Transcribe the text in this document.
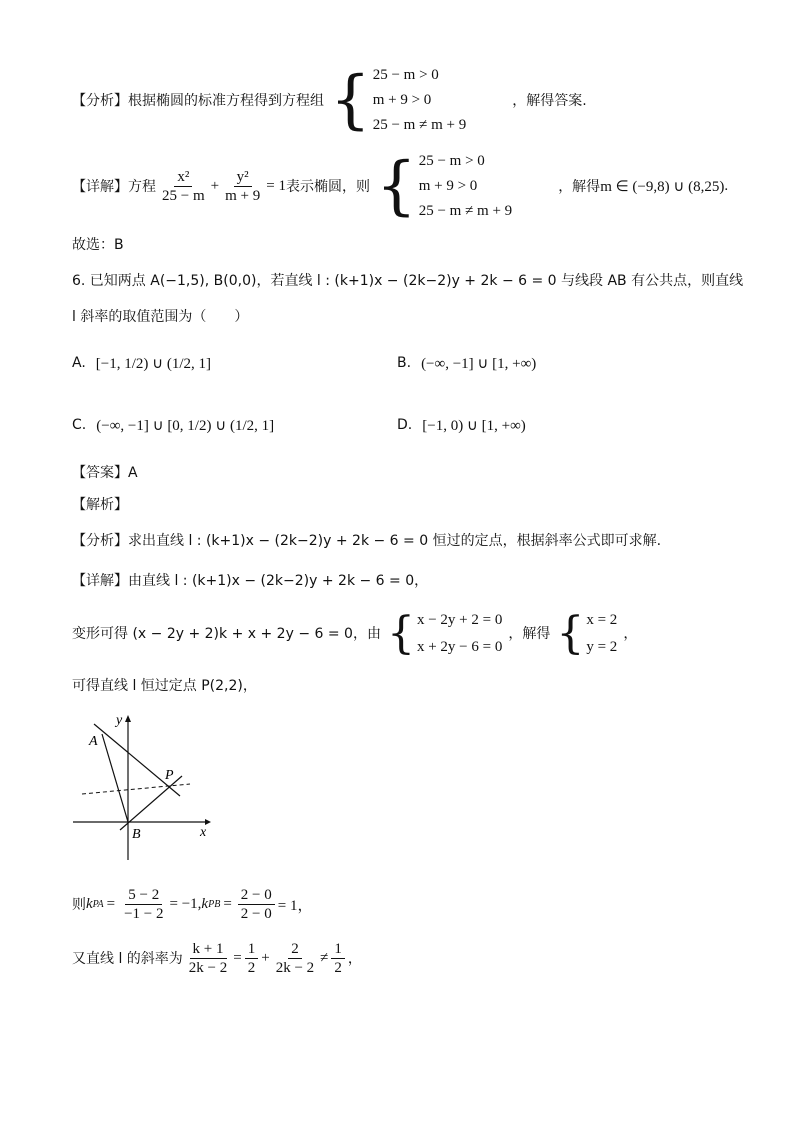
【分析】 根据椭圆的标准方程得到方程组 { 25 − m > 0
m + 9 > 0
25 − m ≠ m + 9
，解得答案.
【详解】 方程 $\frac{\text{x²}}{25 - m} + \frac{\text{y²}}{m + 9} = 1$ 表示椭圆，则 { 25 − m > 0
m + 9 > 0
25 − m ≠ m + 9
，解得 m ∈ (−9,8) ∪ (8,25) .
故选：B
6. 已知两点 A(−1,5), B(0,0)，若直线 l : (k+1)x − (2k−2)y + 2k − 6 = 0 与线段 AB 有公共点，则直线
l 斜率的取值范围为（　　）
A. [−1, 1/2) ∪ (1/2, 1]	B. (−∞, −1] ∪ [1, +∞)
C. (−∞, −1] ∪ [0, 1/2) ∪ (1/2, 1]	D. [−1, 0) ∪ [1, +∞)
【答案】A
【解析】
【分析】 求出直线 l : (k+1)x − (2k−2)y + 2k − 6 = 0 恒过的定点，根据斜率公式即可求解.
【详解】 由直线 l : (k+1)x − (2k−2)y + 2k − 6 = 0，
变形可得 (x − 2y + 2)k + x + 2y − 6 = 0，由 { x − 2y + 2 = 0
x + 2y − 6 = 0
，解得 { x = 2
y = 2
，
可得直线 l 恒过定点 P(2,2)，
y
x
A
B
P
则 k PA = $\frac{5 - 2}{-1 - 2} = -1$, k PB = $\frac{2 - 0}{2 - 0} = 1$，
又直线 l 的斜率为 $\frac{k + 1}{2k - 2} = \frac{1}{2} + \frac{2}{2k - 2} \ne \frac{1}{2}$ ，
